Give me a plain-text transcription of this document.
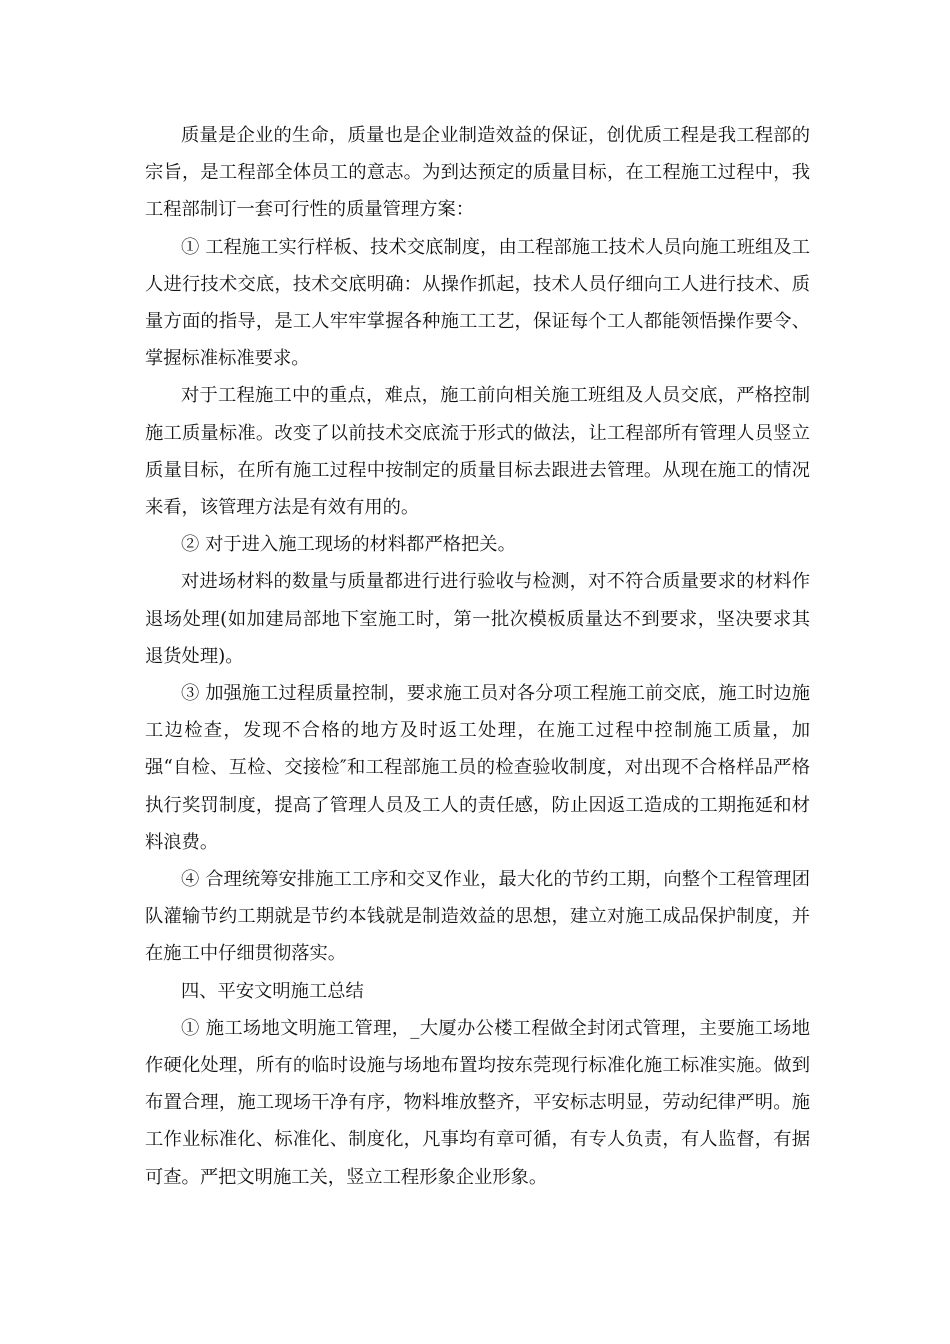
质量是企业的生命，质量也是企业制造效益的保证，创优质工程是我工程部的宗旨，是工程部全体员工的意志。为到达预定的质量目标，在工程施工过程中，我工程部制订一套可行性的质量管理方案：

① 工程施工实行样板、技术交底制度，由工程部施工技术人员向施工班组及工人进行技术交底，技术交底明确：从操作抓起，技术人员仔细向工人进行技术、质量方面的指导，是工人牢牢掌握各种施工工艺，保证每个工人都能领悟操作要令、掌握标准标准要求。

对于工程施工中的重点，难点，施工前向相关施工班组及人员交底，严格控制施工质量标准。改变了以前技术交底流于形式的做法，让工程部所有管理人员竖立质量目标，在所有施工过程中按制定的质量目标去跟进去管理。从现在施工的情况来看，该管理方法是有效有用的。

② 对于进入施工现场的材料都严格把关。

对进场材料的数量与质量都进行进行验收与检测，对不符合质量要求的材料作退场处理(如加建局部地下室施工时，第一批次模板质量达不到要求，坚决要求其退货处理)。

③ 加强施工过程质量控制，要求施工员对各分项工程施工前交底，施工时边施工边检查，发现不合格的地方及时返工处理，在施工过程中控制施工质量，加强“自检、互检、交接检″和工程部施工员的检查验收制度，对出现不合格样品严格执行奖罚制度，提高了管理人员及工人的责任感，防止因返工造成的工期拖延和材料浪费。

④ 合理统筹安排施工工序和交叉作业，最大化的节约工期，向整个工程管理团队灌输节约工期就是节约本钱就是制造效益的思想，建立对施工成品保护制度，并在施工中仔细贯彻落实。

四、平安文明施工总结

① 施工场地文明施工管理，_大厦办公楼工程做全封闭式管理，主要施工场地作硬化处理，所有的临时设施与场地布置均按东莞现行标准化施工标准实施。做到布置合理，施工现场干净有序，物料堆放整齐，平安标志明显，劳动纪律严明。施工作业标准化、标准化、制度化，凡事均有章可循，有专人负责，有人监督，有据可查。严把文明施工关，竖立工程形象企业形象。
